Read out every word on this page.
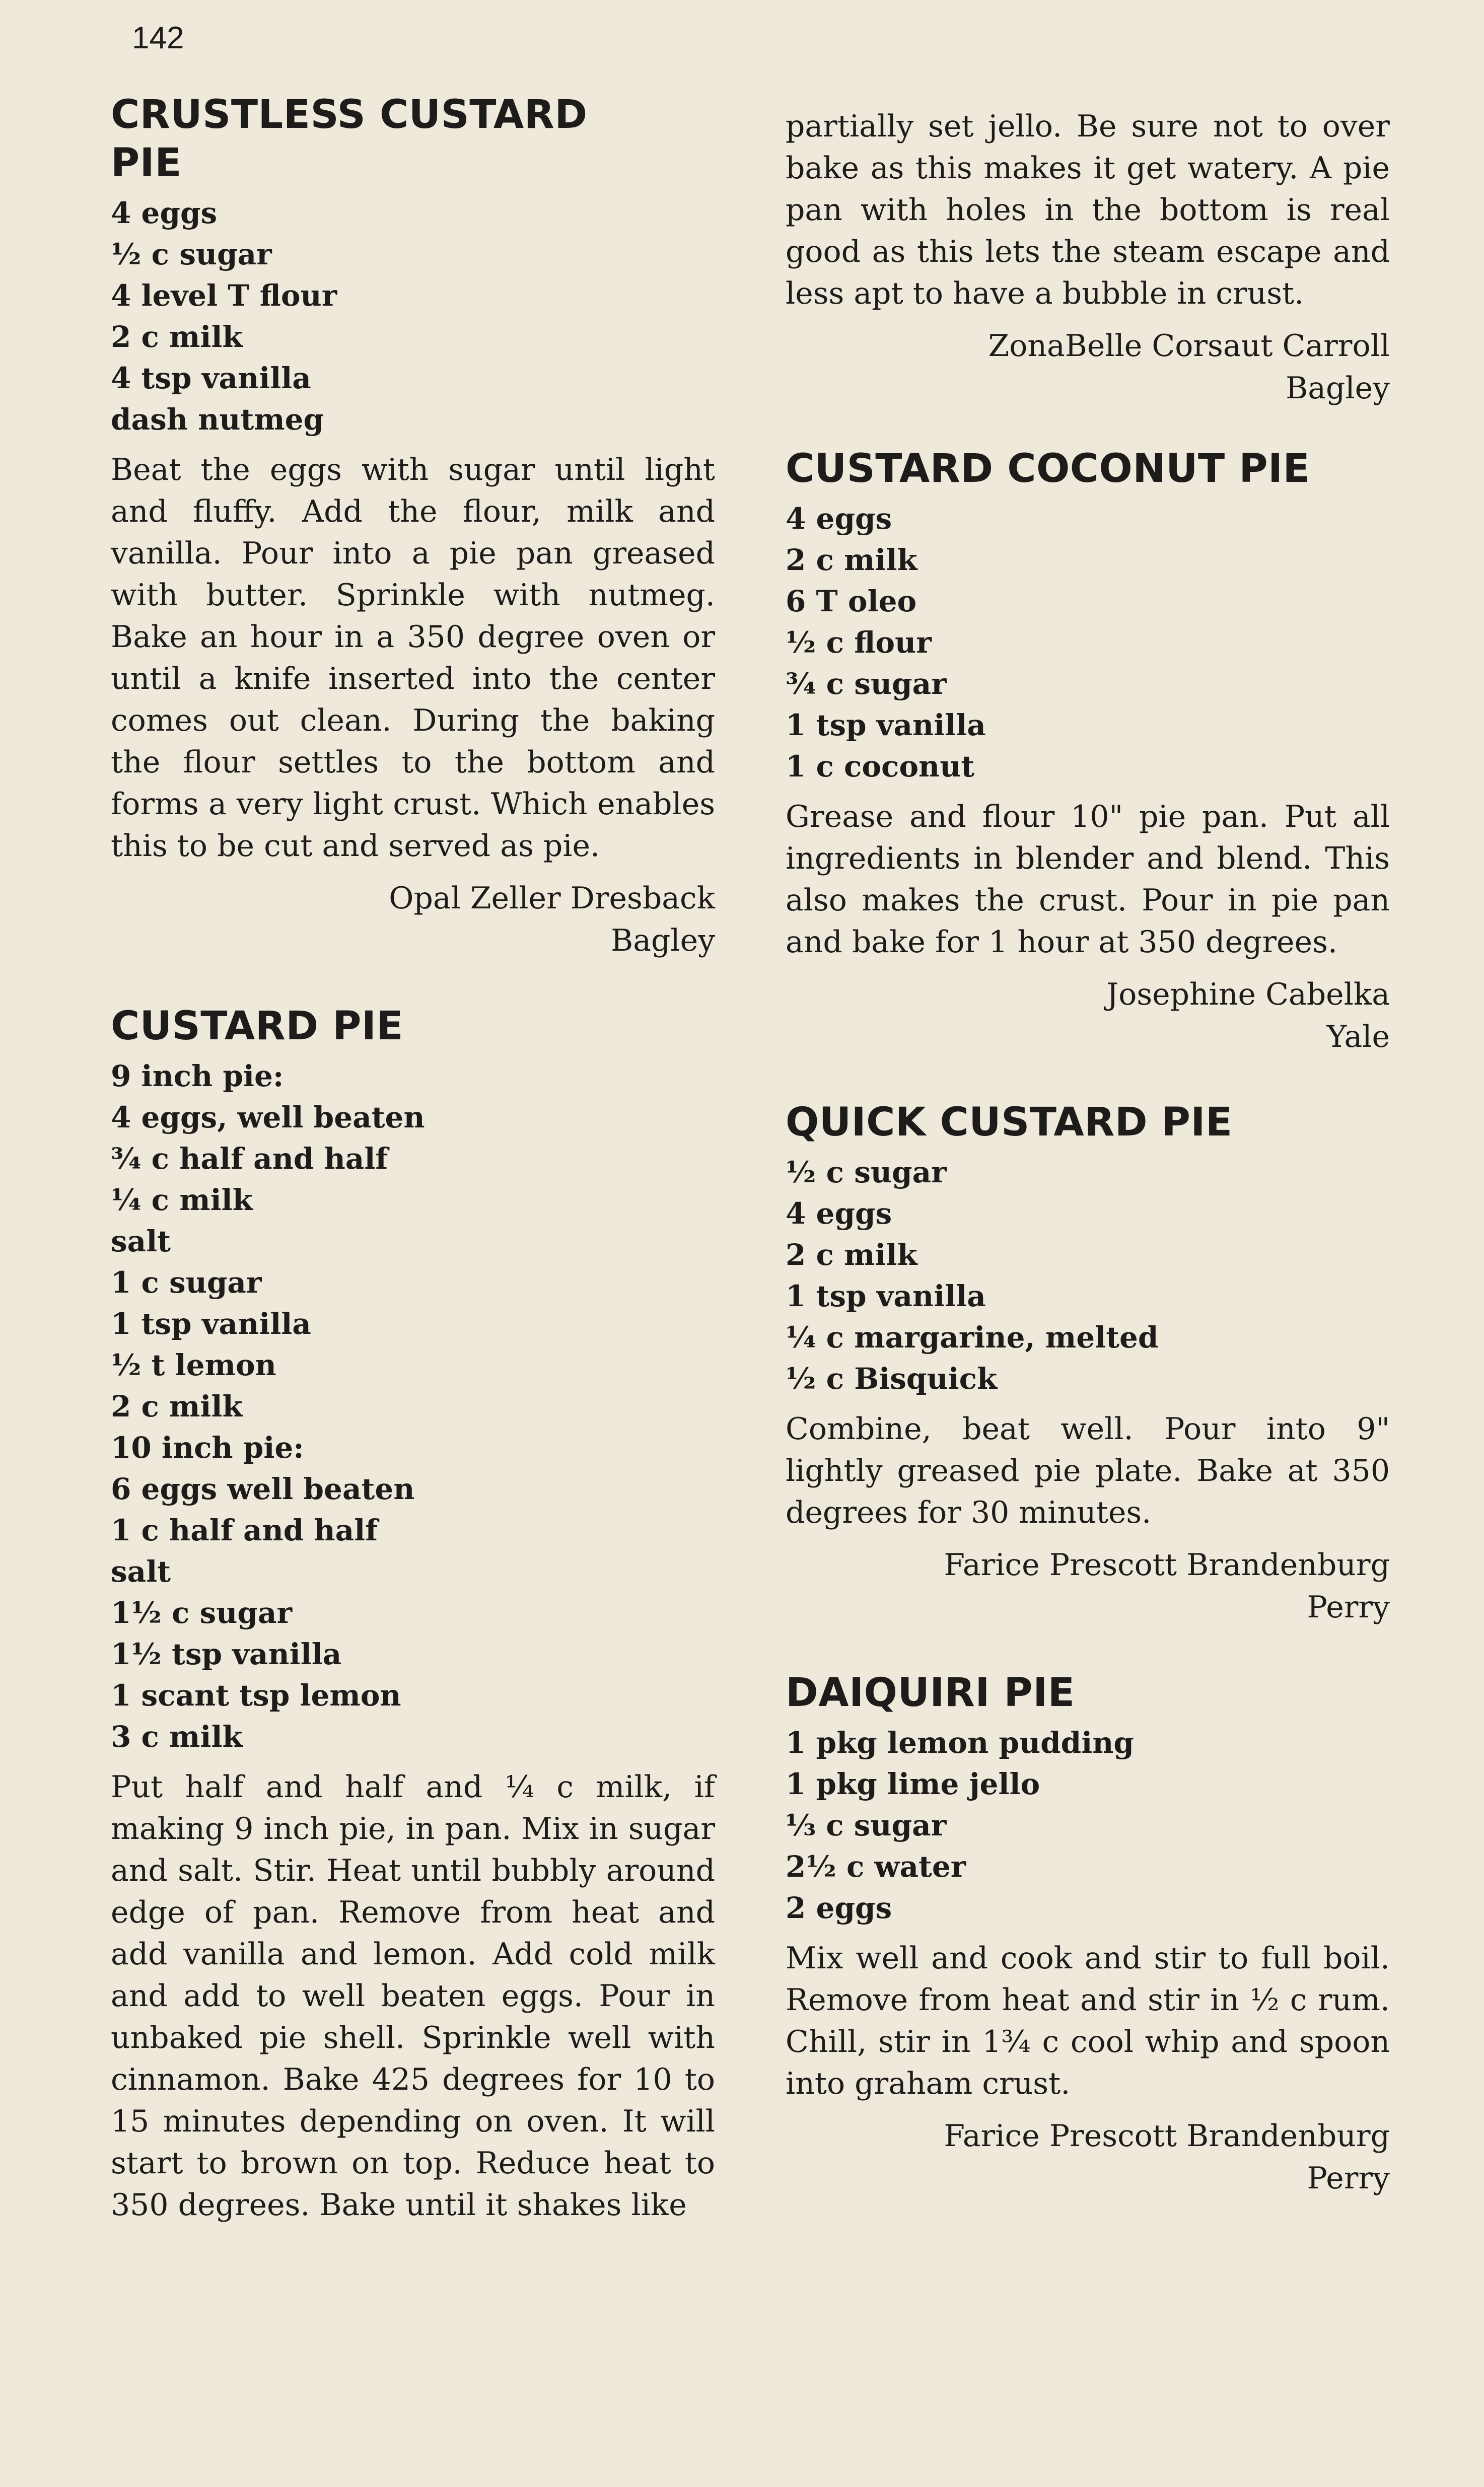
142
CRUSTLESS CUSTARD PIE
4 eggs
½ c sugar
4 level T flour
2 c milk
4 tsp vanilla
dash nutmeg

Beat the eggs with sugar until light and fluffy. Add the flour, milk and vanilla. Pour into a pie pan greased with butter. Sprinkle with nutmeg. Bake an hour in a 350 degree oven or until a knife inserted into the center comes out clean. During the baking the flour settles to the bottom and forms a very light crust. Which enables this to be cut and served as pie.

Opal Zeller Dresback
Bagley
CUSTARD PIE
9 inch pie:
4 eggs, well beaten
¾ c half and half
¼ c milk
salt
1 c sugar
1 tsp vanilla
½ t lemon
2 c milk
10 inch pie:
6 eggs well beaten
1 c half and half
salt
1½ c sugar
1½ tsp vanilla
1 scant tsp lemon
3 c milk

Put half and half and ¼ c milk, if making 9 inch pie, in pan. Mix in sugar and salt. Stir. Heat until bubbly around edge of pan. Remove from heat and add vanilla and lemon. Add cold milk and add to well beaten eggs. Pour in unbaked pie shell. Sprinkle well with cinnamon. Bake 425 degrees for 10 to 15 minutes depending on oven. It will start to brown on top. Reduce heat to 350 degrees. Bake until it shakes like

partially set jello. Be sure not to over bake as this makes it get watery. A pie pan with holes in the bottom is real good as this lets the steam escape and less apt to have a bubble in crust.

ZonaBelle Corsaut Carroll
Bagley
CUSTARD COCONUT PIE
4 eggs
2 c milk
6 T oleo
½ c flour
¾ c sugar
1 tsp vanilla
1 c coconut

Grease and flour 10" pie pan. Put all ingredients in blender and blend. This also makes the crust. Pour in pie pan and bake for 1 hour at 350 degrees.

Josephine Cabelka
Yale
QUICK CUSTARD PIE
½ c sugar
4 eggs
2 c milk
1 tsp vanilla
¼ c margarine, melted
½ c Bisquick

Combine, beat well. Pour into 9" lightly greased pie plate. Bake at 350 degrees for 30 minutes.

Farice Prescott Brandenburg
Perry
DAIQUIRI PIE
1 pkg lemon pudding
1 pkg lime jello
⅓ c sugar
2½ c water
2 eggs

Mix well and cook and stir to full boil. Remove from heat and stir in ½ c rum. Chill, stir in 1¾ c cool whip and spoon into graham crust.

Farice Prescott Brandenburg
Perry
